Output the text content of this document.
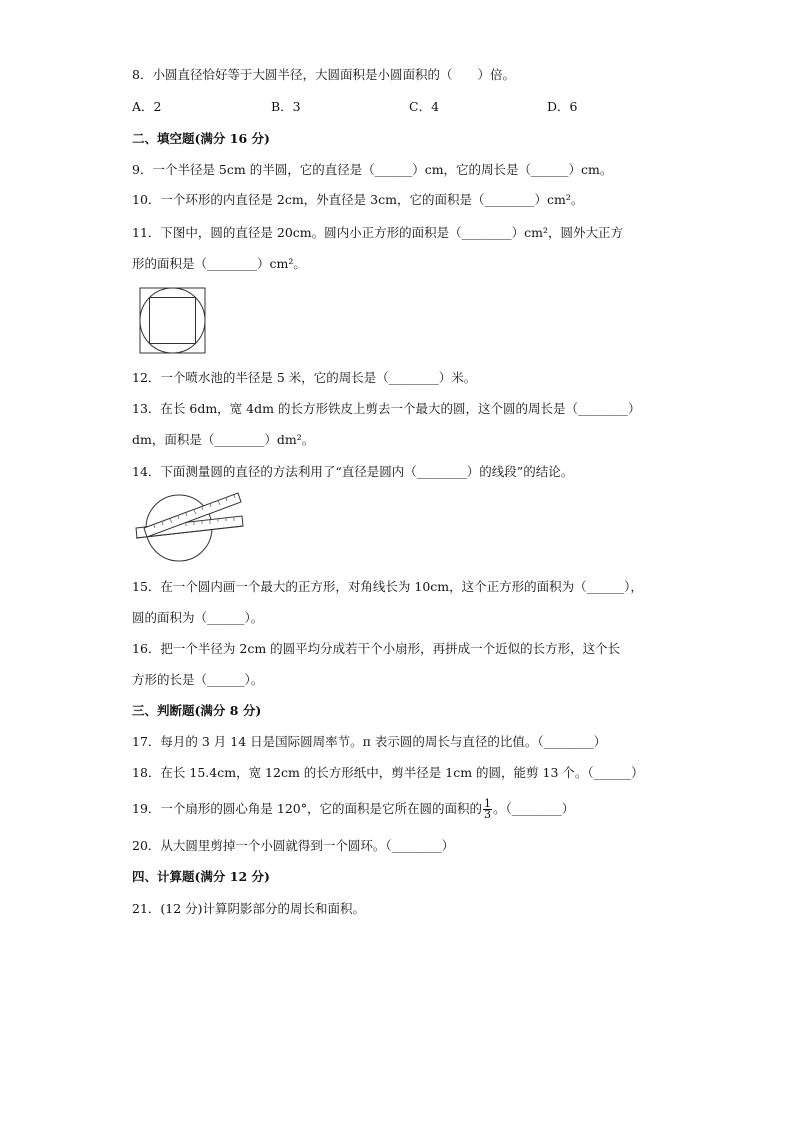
8．小圆直径恰好等于大圆半径，大圆面积是小圆面积的（　　）倍。
A．2	B．3	C．4	D．6
二、填空题(满分 16 分)
9．一个半径是 5cm 的半圆，它的直径是（______）cm，它的周长是（______）cm。
10．一个环形的内直径是 2cm，外直径是 3cm，它的面积是（________）cm²。
11．下图中，圆的直径是 20cm。圆内小正方形的面积是（________）cm²，圆外大正方
形的面积是（________）cm²。
12．一个喷水池的半径是 5 米，它的周长是（________）米。
13．在长 6dm，宽 4dm 的长方形铁皮上剪去一个最大的圆，这个圆的周长是（________）
dm，面积是（________）dm²。
14．下面测量圆的直径的方法利用了“直径是圆内（________）的线段”的结论。
15．在一个圆内画一个最大的正方形，对角线长为 10cm，这个正方形的面积为（______），
圆的面积为（______）。
16．把一个半径为 2cm 的圆平均分成若干个小扇形，再拼成一个近似的长方形，这个长
方形的长是（______）。
三、判断题(满分 8 分)
17．每月的 3 月 14 日是国际圆周率节。π 表示圆的周长与直径的比值。（________）
18．在长 15.4cm，宽 12cm 的长方形纸中，剪半径是 1cm 的圆，能剪 13 个。（______）
19．一个扇形的圆心角是 120°，它的面积是它所在圆的面积的 $\frac{1}{3}$ 。（________）
20．从大圆里剪掉一个小圆就得到一个圆环。（________）
四、计算题(满分 12 分)
21．(12 分)计算阴影部分的周长和面积。
